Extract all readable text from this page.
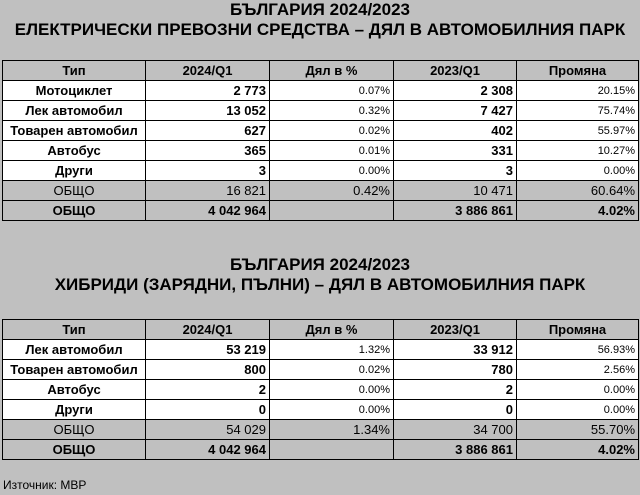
БЪЛГАРИЯ 2024/2023
ЕЛЕКТРИЧЕСКИ ПРЕВОЗНИ СРЕДСТВА – ДЯЛ В АВТОМОБИЛНИЯ ПАРК
Тип	2024/Q1	Дял в %	2023/Q1	Промяна
Мотоциклет	2 773	0.07%	2 308	20.15%
Лек автомобил	13 052	0.32%	7 427	75.74%
Товарен автомобил	627	0.02%	402	55.97%
Автобус	365	0.01%	331	10.27%
Други	3	0.00%	3	0.00%
ОБЩО	16 821	0.42%	10 471	60.64%
ОБЩО	4 042 964		3 886 861	4.02%
БЪЛГАРИЯ 2024/2023
ХИБРИДИ (ЗАРЯДНИ, ПЪЛНИ) – ДЯЛ В АВТОМОБИЛНИЯ ПАРК
Тип	2024/Q1	Дял в %	2023/Q1	Промяна
Лек автомобил	53 219	1.32%	33 912	56.93%
Товарен автомобил	800	0.02%	780	2.56%
Автобус	2	0.00%	2	0.00%
Други	0	0.00%	0	0.00%
ОБЩО	54 029	1.34%	34 700	55.70%
ОБЩО	4 042 964		3 886 861	4.02%
Източник: МВР
